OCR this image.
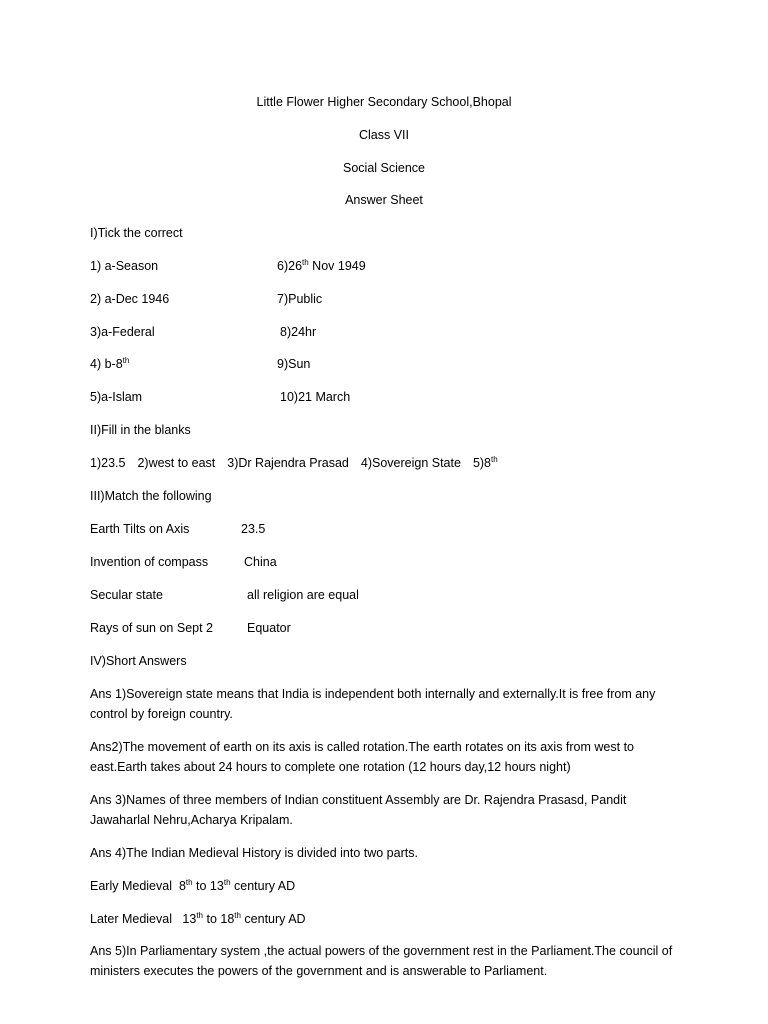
Little Flower Higher Secondary School,Bhopal
Class VII
Social Science
Answer Sheet
I)Tick the correct
1) a-Season	6)26th Nov 1949
2) a-Dec 1946	7)Public
3)a-Federal	8)24hr
4) b-8th	9)Sun
5)a-Islam	10)21 March
II)Fill in the blanks
1)23.5 2)west to east 3)Dr Rajendra Prasad 4)Sovereign State 5)8th
III)Match the following
Earth Tilts on Axis	23.5
Invention of compass	China
Secular state	all religion are equal
Rays of sun on Sept 2	Equator
IV)Short Answers
Ans 1)Sovereign state means that India is independent both internally and externally.It is free from any control by foreign country.
Ans2)The movement of earth on its axis is called rotation.The earth rotates on its axis from west to east.Earth takes about 24 hours to complete one rotation (12 hours day,12 hours night)
Ans 3)Names of three members of Indian constituent Assembly are Dr. Rajendra Prasasd, Pandit Jawaharlal Nehru,Acharya Kripalam.
Ans 4)The Indian Medieval History is divided into two parts.
Early Medieval 8th to 13th century AD
Later Medieval 13th to 18th century AD
Ans 5)In Parliamentary system ,the actual powers of the government rest in the Parliament.The council of ministers executes the powers of the government and is answerable to Parliament.
